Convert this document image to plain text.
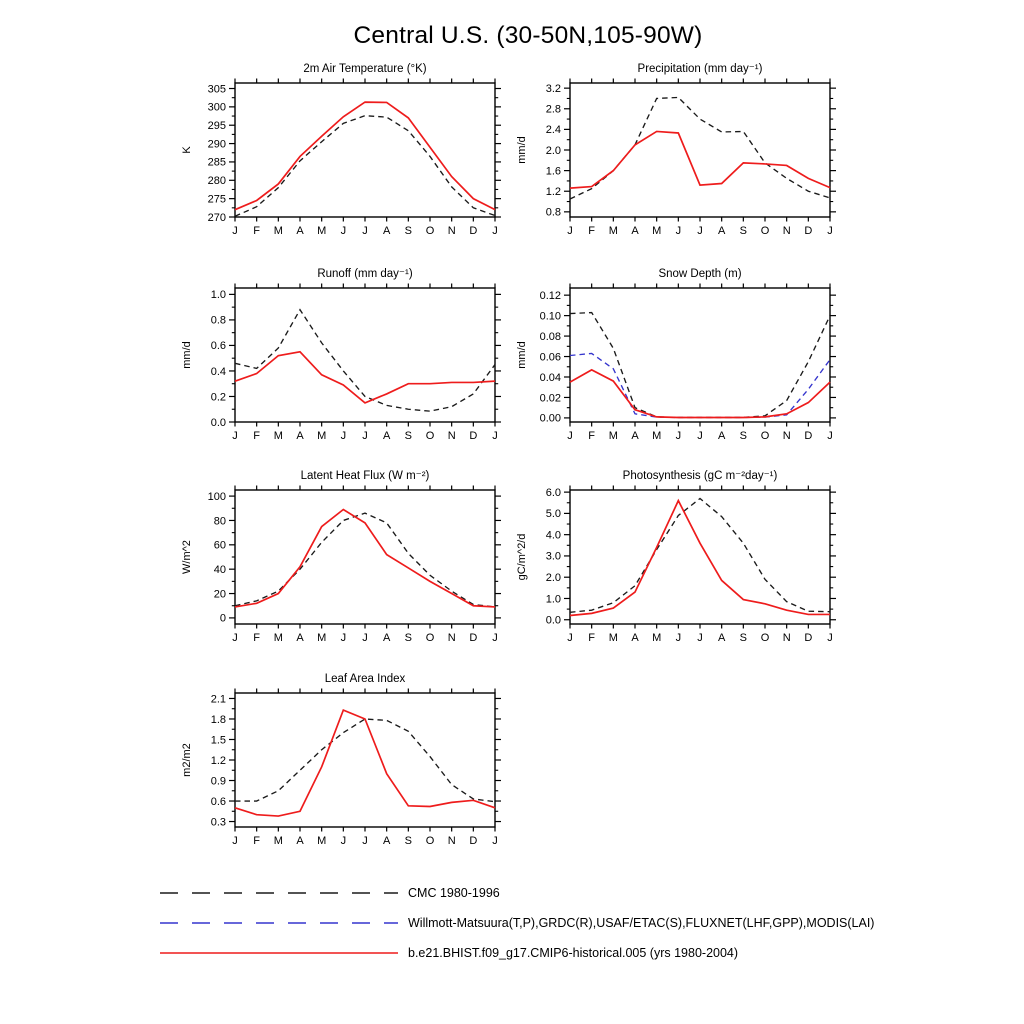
Central U.S. (30-50N,105-90W)
2m Air Temperature (°K)
K
J F M A M J J A S O N D J
270
275
280
285
290
295
300
305
Precipitation (mm day⁻¹)
mm/d
J F M A M J J A S O N D J
0.8
1.2
1.6
2.0
2.4
2.8
3.2
Runoff (mm day⁻¹)
mm/d
J F M A M J J A S O N D J
0.0
0.2
0.4
0.6
0.8
1.0
Snow Depth (m)
mm/d
J F M A M J J A S O N D J
0.00
0.02
0.04
0.06
0.08
0.10
0.12
Latent Heat Flux (W m⁻²)
W/m^2
J F M A M J J A S O N D J
0
20
40
60
80
100
Photosynthesis (gC m⁻²day⁻¹)
gC/m^2/d
J F M A M J J A S O N D J
0.0
1.0
2.0
3.0
4.0
5.0
6.0
Leaf Area Index
m2/m2
J F M A M J J A S O N D J
0.3
0.6
0.9
1.2
1.5
1.8
2.1
CMC 1980-1996
Willmott-Matsuura(T,P),GRDC(R),USAF/ETAC(S),FLUXNET(LHF,GPP),MODIS(LAI)
b.e21.BHIST.f09_g17.CMIP6-historical.005 (yrs 1980-2004)
